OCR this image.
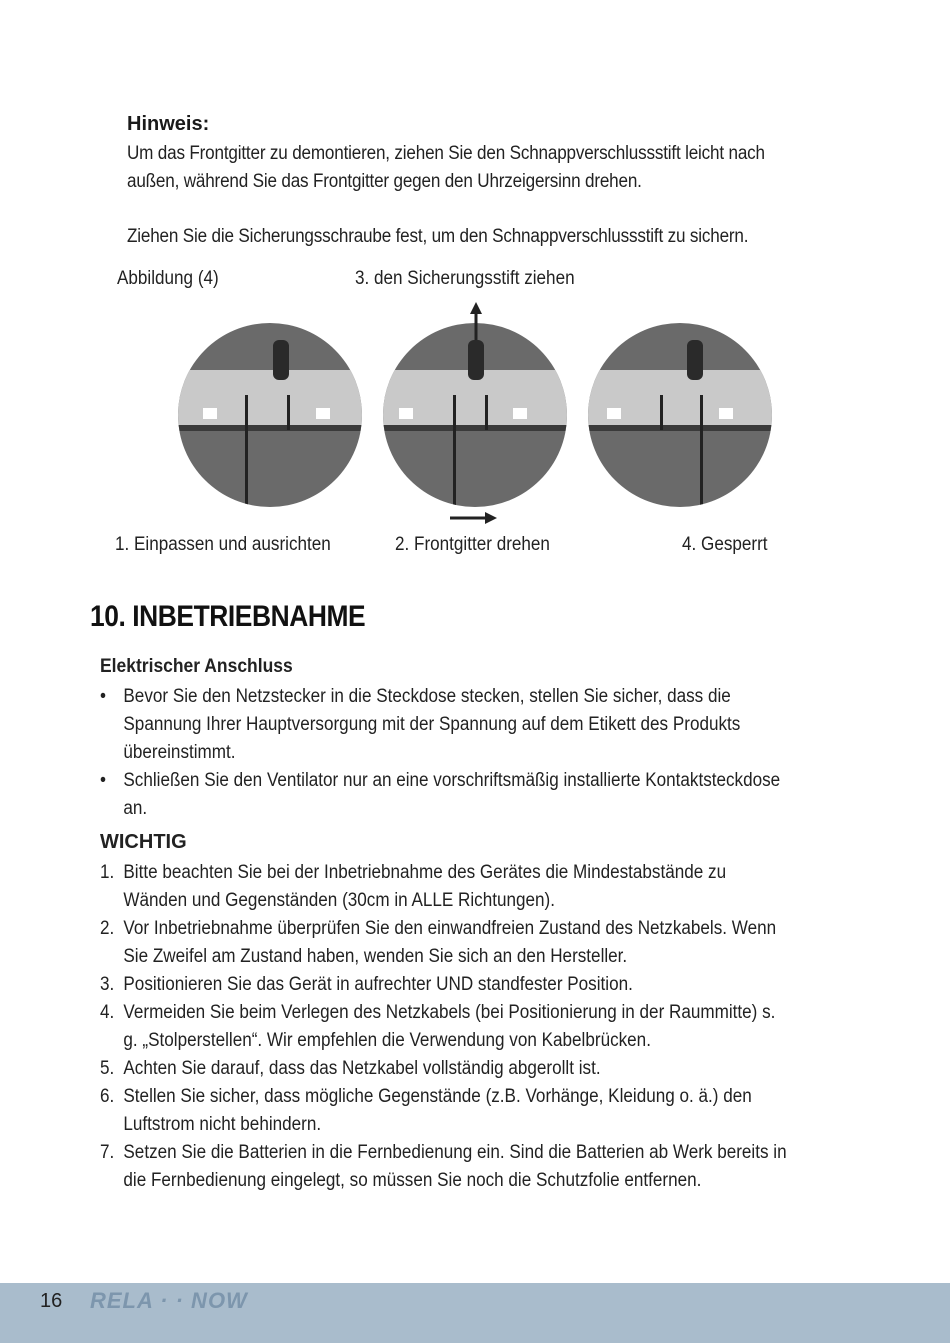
Hinweis:
Um das Frontgitter zu demontieren, ziehen Sie den Schnappverschlussstift leicht nach außen, während Sie das Frontgitter gegen den Uhrzeigersinn drehen.
Ziehen Sie die Sicherungsschraube fest, um den Schnappverschlussstift zu sichern.
Abbildung (4)	3. den Sicherungsstift ziehen
1. Einpassen und ausrichten	2. Frontgitter drehen	4. Gesperrt
10. INBETRIEBNAHME
Elektrischer Anschluss
• Bevor Sie den Netzstecker in die Steckdose stecken, stellen Sie sicher, dass die Spannung Ihrer Hauptversorgung mit der Spannung auf dem Etikett des Produkts übereinstimmt.
• Schließen Sie den Ventilator nur an eine vorschriftsmäßig installierte Kontaktsteckdose an.
WICHTIG
1. Bitte beachten Sie bei der Inbetriebnahme des Gerätes die Mindestabstände zu Wänden und Gegenständen (30cm in ALLE Richtungen).
2. Vor Inbetriebnahme überprüfen Sie den einwandfreien Zustand des Netzkabels. Wenn Sie Zweifel am Zustand haben, wenden Sie sich an den Hersteller.
3. Positionieren Sie das Gerät in aufrechter UND standfester Position.
4. Vermeiden Sie beim Verlegen des Netzkabels (bei Positionierung in der Raummitte) s. g. „Stolperstellen“. Wir empfehlen die Verwendung von Kabelbrücken.
5. Achten Sie darauf, dass das Netzkabel vollständig abgerollt ist.
6. Stellen Sie sicher, dass mögliche Gegenstände (z.B. Vorhänge, Kleidung o. ä.) den Luftstrom nicht behindern.
7. Setzen Sie die Batterien in die Fernbedienung ein. Sind die Batterien ab Werk bereits in die Fernbedienung eingelegt, so müssen Sie noch die Schutzfolie entfernen.
16 RELA · · NOW
